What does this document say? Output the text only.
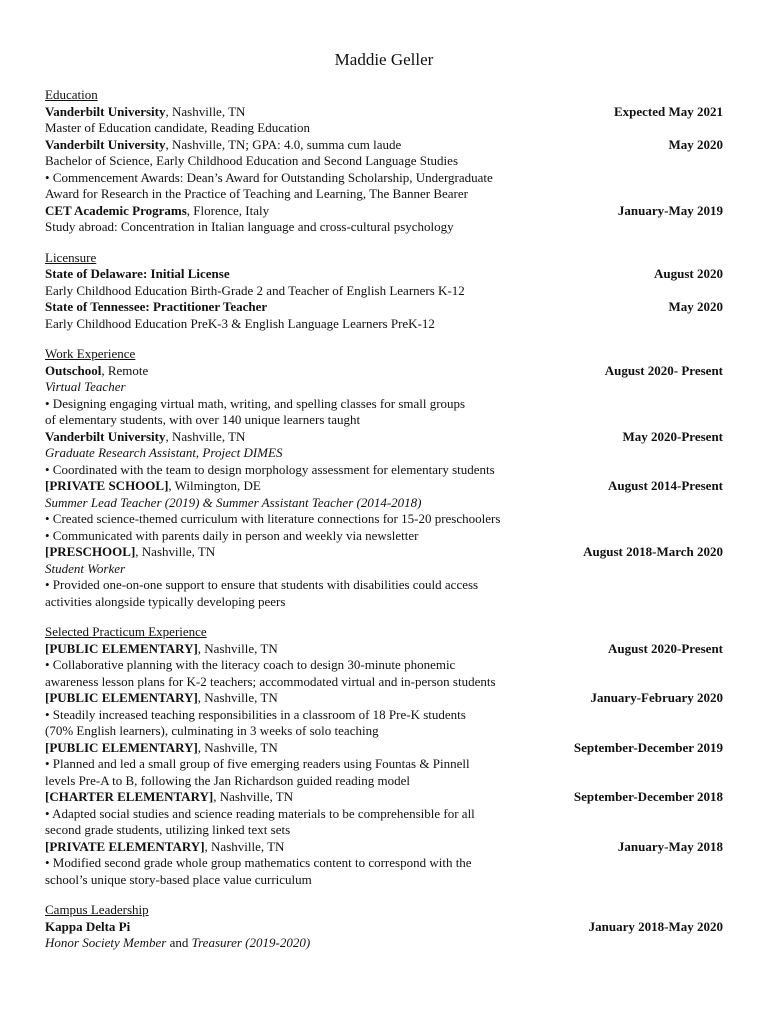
Maddie Geller
Education
Vanderbilt University, Nashville, TN	Expected May 2021
Master of Education candidate, Reading Education
Vanderbilt University, Nashville, TN; GPA: 4.0, summa cum laude	May 2020
Bachelor of Science, Early Childhood Education and Second Language Studies
• Commencement Awards: Dean’s Award for Outstanding Scholarship, Undergraduate
Award for Research in the Practice of Teaching and Learning, The Banner Bearer
CET Academic Programs, Florence, Italy	January-May 2019
Study abroad: Concentration in Italian language and cross-cultural psychology
Licensure
State of Delaware: Initial License	August 2020
Early Childhood Education Birth-Grade 2 and Teacher of English Learners K-12
State of Tennessee: Practitioner Teacher	May 2020
Early Childhood Education PreK-3 & English Language Learners PreK-12
Work Experience
Outschool, Remote	August 2020- Present
Virtual Teacher
• Designing engaging virtual math, writing, and spelling classes for small groups
of elementary students, with over 140 unique learners taught
Vanderbilt University, Nashville, TN	May 2020-Present
Graduate Research Assistant, Project DIMES
• Coordinated with the team to design morphology assessment for elementary students
[PRIVATE SCHOOL], Wilmington, DE	August 2014-Present
Summer Lead Teacher (2019) & Summer Assistant Teacher (2014-2018)
• Created science-themed curriculum with literature connections for 15-20 preschoolers
• Communicated with parents daily in person and weekly via newsletter
[PRESCHOOL], Nashville, TN	August 2018-March 2020
Student Worker
• Provided one-on-one support to ensure that students with disabilities could access
activities alongside typically developing peers
Selected Practicum Experience
[PUBLIC ELEMENTARY], Nashville, TN	August 2020-Present
• Collaborative planning with the literacy coach to design 30-minute phonemic
awareness lesson plans for K-2 teachers; accommodated virtual and in-person students
[PUBLIC ELEMENTARY], Nashville, TN	January-February 2020
• Steadily increased teaching responsibilities in a classroom of 18 Pre-K students
(70% English learners), culminating in 3 weeks of solo teaching
[PUBLIC ELEMENTARY], Nashville, TN	September-December 2019
• Planned and led a small group of five emerging readers using Fountas & Pinnell
levels Pre-A to B, following the Jan Richardson guided reading model
[CHARTER ELEMENTARY], Nashville, TN	September-December 2018
• Adapted social studies and science reading materials to be comprehensible for all
second grade students, utilizing linked text sets
[PRIVATE ELEMENTARY], Nashville, TN	January-May 2018
• Modified second grade whole group mathematics content to correspond with the
school’s unique story-based place value curriculum
Campus Leadership
Kappa Delta Pi	January 2018-May 2020
Honor Society Member and Treasurer (2019-2020)
